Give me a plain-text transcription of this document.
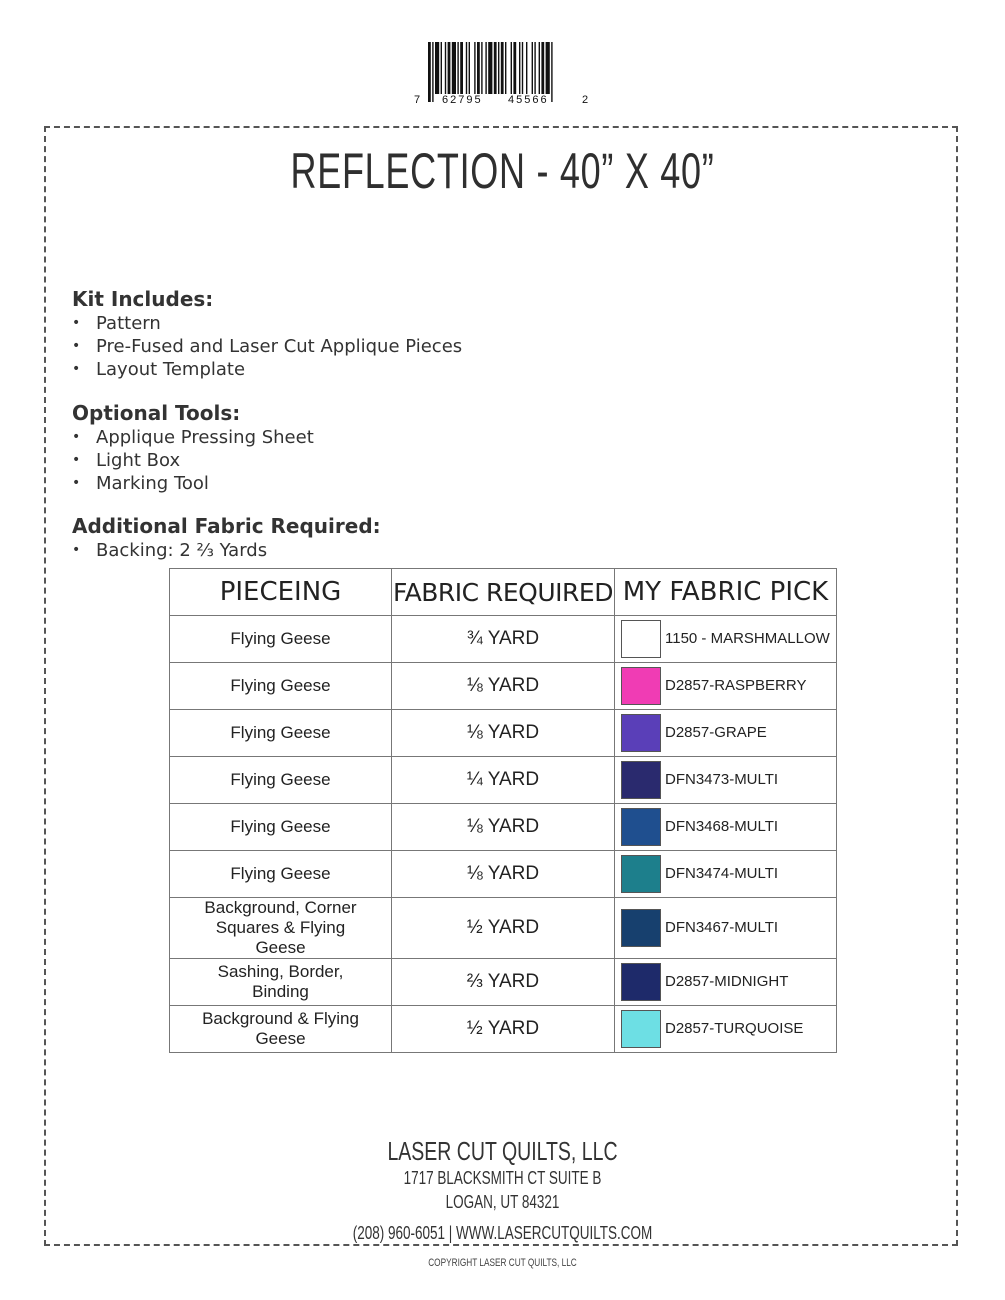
7 62795 45566	2
REFLECTION - 40” X 40”
Kit Includes:
• Pattern
• Pre-Fused and Laser Cut Applique Pieces
• Layout Template
Optional Tools:
• Applique Pressing Sheet
• Light Box
• Marking Tool
Additional Fabric Required:
• Backing: 2 ⅔ Yards
PIECEING	FABRIC REQUIRED	MY FABRIC PICK
Flying Geese	¾ YARD	1150 - MARSHMALLOW

Flying Geese	⅛ YARD	D2857-RASPBERRY

Flying Geese	⅛ YARD	D2857-GRAPE

Flying Geese	¼ YARD	DFN3473-MULTI

Flying Geese	⅛ YARD	DFN3468-MULTI

Flying Geese	⅛ YARD	DFN3474-MULTI

Background, Corner Squares & Flying Geese	½ YARD	DFN3467-MULTI

Sashing, Border, Binding	⅔ YARD	D2857-MIDNIGHT

Background & Flying Geese	½ YARD	D2857-TURQUOISE
LASER CUT QUILTS, LLC
1717 BLACKSMITH CT SUITE B
LOGAN, UT 84321
(208) 960-6051 | WWW.LASERCUTQUILTS.COM
COPYRIGHT LASER CUT QUILTS, LLC
